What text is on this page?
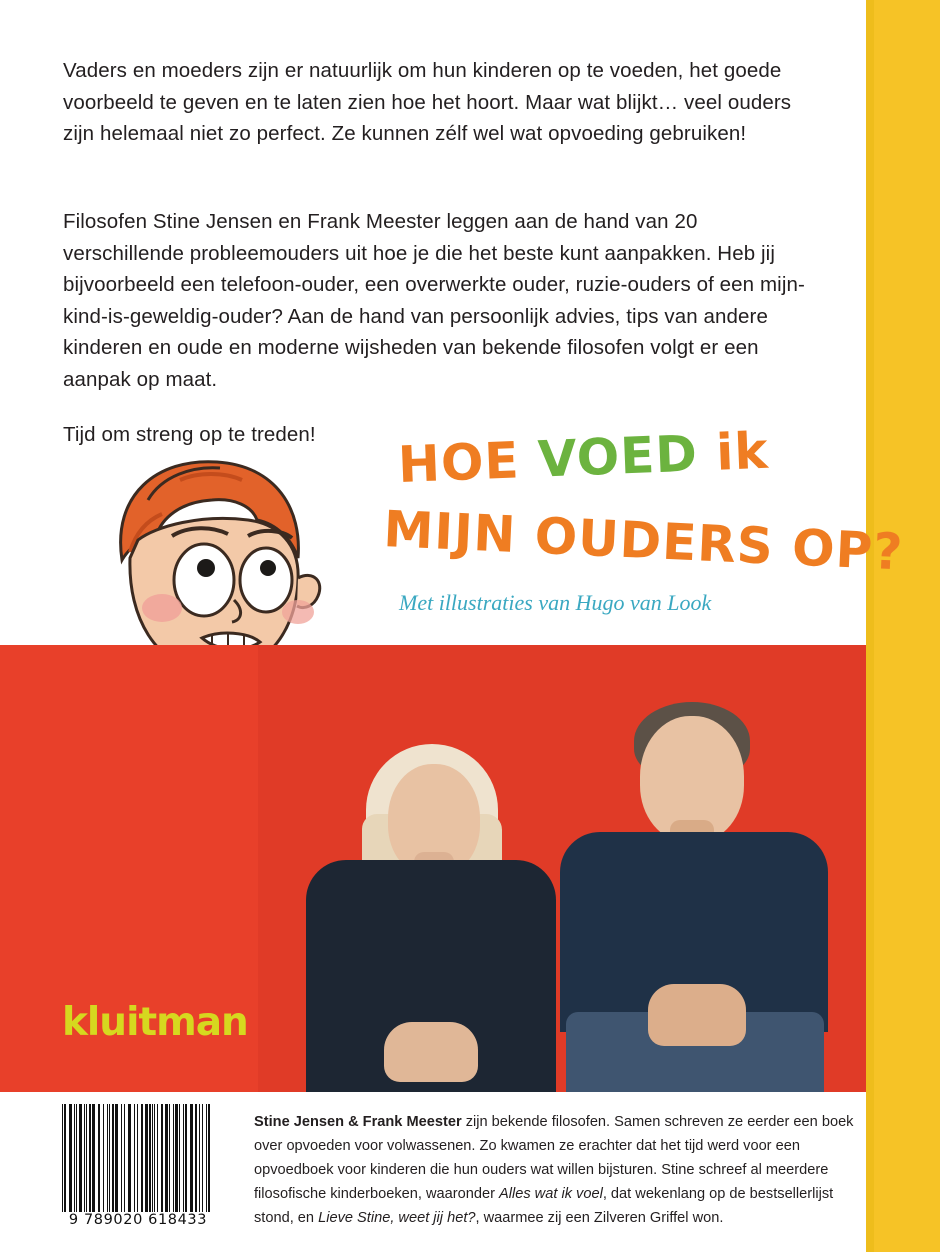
Vaders en moeders zijn er natuurlijk om hun kinderen op te voeden, het goede voorbeeld te geven en te laten zien hoe het hoort. Maar wat blijkt… veel ouders zijn helemaal niet zo perfect. Ze kunnen zélf wel wat opvoeding gebruiken!

Filosofen Stine Jensen en Frank Meester leggen aan de hand van 20 verschillende probleemouders uit hoe je die het beste kunt aanpakken. Heb jij bijvoorbeeld een telefoon-ouder, een overwerkte ouder, ruzie-ouders of een mijn-kind-is-geweldig-ouder? Aan de hand van persoonlijk advies, tips van andere kinderen en oude en moderne wijsheden van bekende filosofen volgt er een aanpak op maat.

Tijd om streng op te treden!	HOE VOED ik
MIJN OUDERS OP?
Met illustraties van Hugo van Look
kluitman
Stine Jensen & Frank Meester zijn bekende filosofen. Samen schreven ze eerder een boek over opvoeden voor volwassenen. Zo kwamen ze erachter dat het tijd werd voor een opvoedboek voor kinderen die hun ouders wat willen bijsturen. Stine schreef al meerdere filosofische kinderboeken, waaronder Alles wat ik voel, dat wekenlang op de bestsellerlijst stond, en Lieve Stine, weet jij het?, waarmee zij een Zilveren Griffel won.
9 789020 618433
